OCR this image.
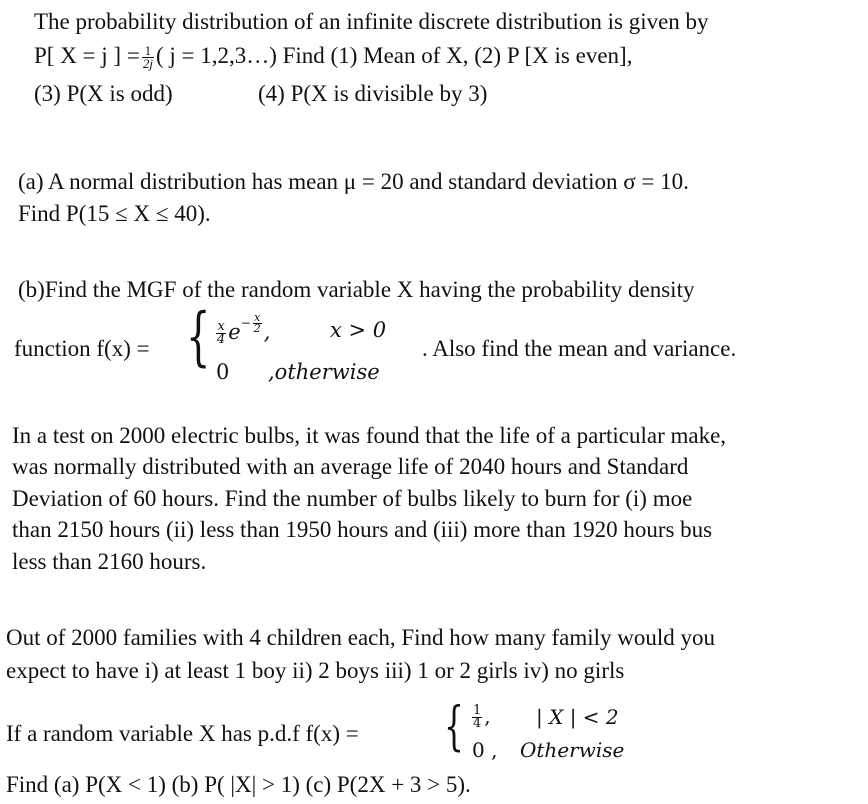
The probability distribution of an infinite discrete distribution is given by
P[ X = j ] = $\frac{1}{2j}$ ( j = 1,2,3…) Find (1) Mean of X, (2) P [X is even],
(3) P(X is odd)	(4) P(X is divisible by 3)
(a) A normal distribution has mean μ = 20 and standard deviation σ = 10.
Find P(15 ≤ X ≤ 40).
(b)Find the MGF of the random variable X having the probability density
function f(x) = { $\frac{x}{4} e^{- \frac{x}{2}}$ ,	x > 0
0 ,otherwise
. Also find the mean and variance.
In a test on 2000 electric bulbs, it was found that the life of a particular make,
was normally distributed with an average life of 2040 hours and Standard
Deviation of 60 hours. Find the number of bulbs likely to burn for (i) moe
than 2150 hours (ii) less than 1950 hours and (iii) more than 1920 hours bus
less than 2160 hours.
Out of 2000 families with 4 children each, Find how many family would you
expect to have i) at least 1 boy ii) 2 boys iii) 1 or 2 girls iv) no girls
If a random variable X has p.d.f f(x) = { $\frac{1}{4}$ , | X | < 2
0 , Otherwise
Find (a) P(X < 1) (b) P( |X| > 1) (c) P(2X + 3 > 5).
